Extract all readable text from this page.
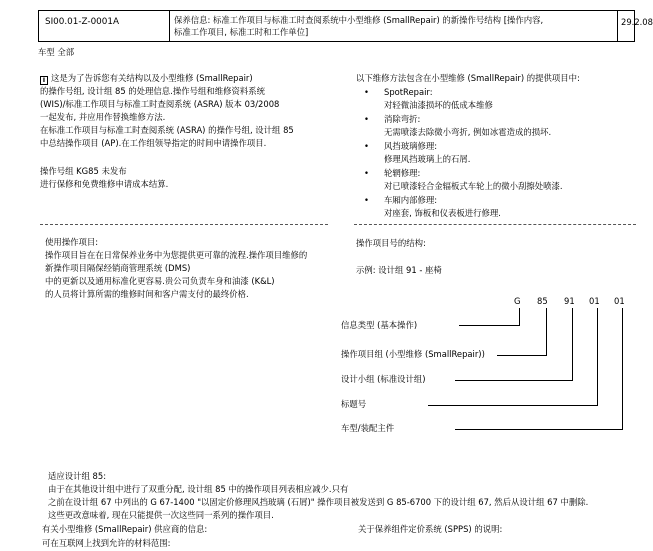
SI00.01-Z-0001A	保养信息: 标准工作项目与标准工时查阅系统中小型维修 (SmallRepair) 的新操作号结构 [操作内容,
标准工作项目, 标准工时和工作单位]
29.2.08
车型 全部
i 这是为了告诉您有关结构以及小型维修 (SmallRepair)
的操作号组, 设计组 85 的处理信息.操作号组和维修资料系统
(WIS)/标准工作项目与标准工时查阅系统 (ASRA) 版本 03/2008
一起发布, 并应用作替换维修方法.
在标准工作项目与标准工时查阅系统 (ASRA) 的操作号组, 设计组 85
中总结操作项目 (AP).在工作组领导指定的时间申请操作项目.
操作号组 KG85 未发布
进行保修和免费维修申请成本结算.
以下维修方法包含在小型维修 (SmallRepair) 的提供项目中:
• SpotRepair:
对轻微油漆损坏的低成本维修
• 消除弯折:
无需喷漆去除微小弯折, 例如冰雹造成的损坏.
• 风挡玻璃修理:
修理风挡玻璃上的石屑.
• 轮辋修理:
对已喷漆轻合金辐板式车轮上的微小刮擦处喷漆.
• 车厢内部修理:
对座套, 饰板和仪表板进行修理.
使用操作项目:
操作项目旨在在日常保养业务中为您提供更可靠的流程.操作项目维修的
新操作项目隔保经销商管理系统 (DMS)
中的更新以及通用标准化更容易.贵公司负责车身和油漆 (K&L)
的人员将计算所需的维修时间和客户需支付的最终价格.
操作项目号的结构:
示例: 设计组 91 - 座椅
G 85 91 01 01
信息类型 (基本操作)
操作项目组 (小型维修 (SmallRepair))
设计小组 (标准设计组)
标题号
车型/装配主件
适应设计组 85:
由于在其他设计组中进行了双重分配, 设计组 85 中的操作项目列表相应减少.只有
之前在设计组 67 中列出的 G 67-1400 "以固定价修理风挡玻璃 (石屑)" 操作项目被发送到 G 85-6700 下的设计组 67, 然后从设计组 67 中删除.
这些更改意味着, 现在只能提供一次这些同一系列的操作项目.
有关小型维修 (SmallRepair) 供应商的信息:
可在互联网上找到允许的材料范围:
关于保养组件定价系统 (SPPS) 的说明:
